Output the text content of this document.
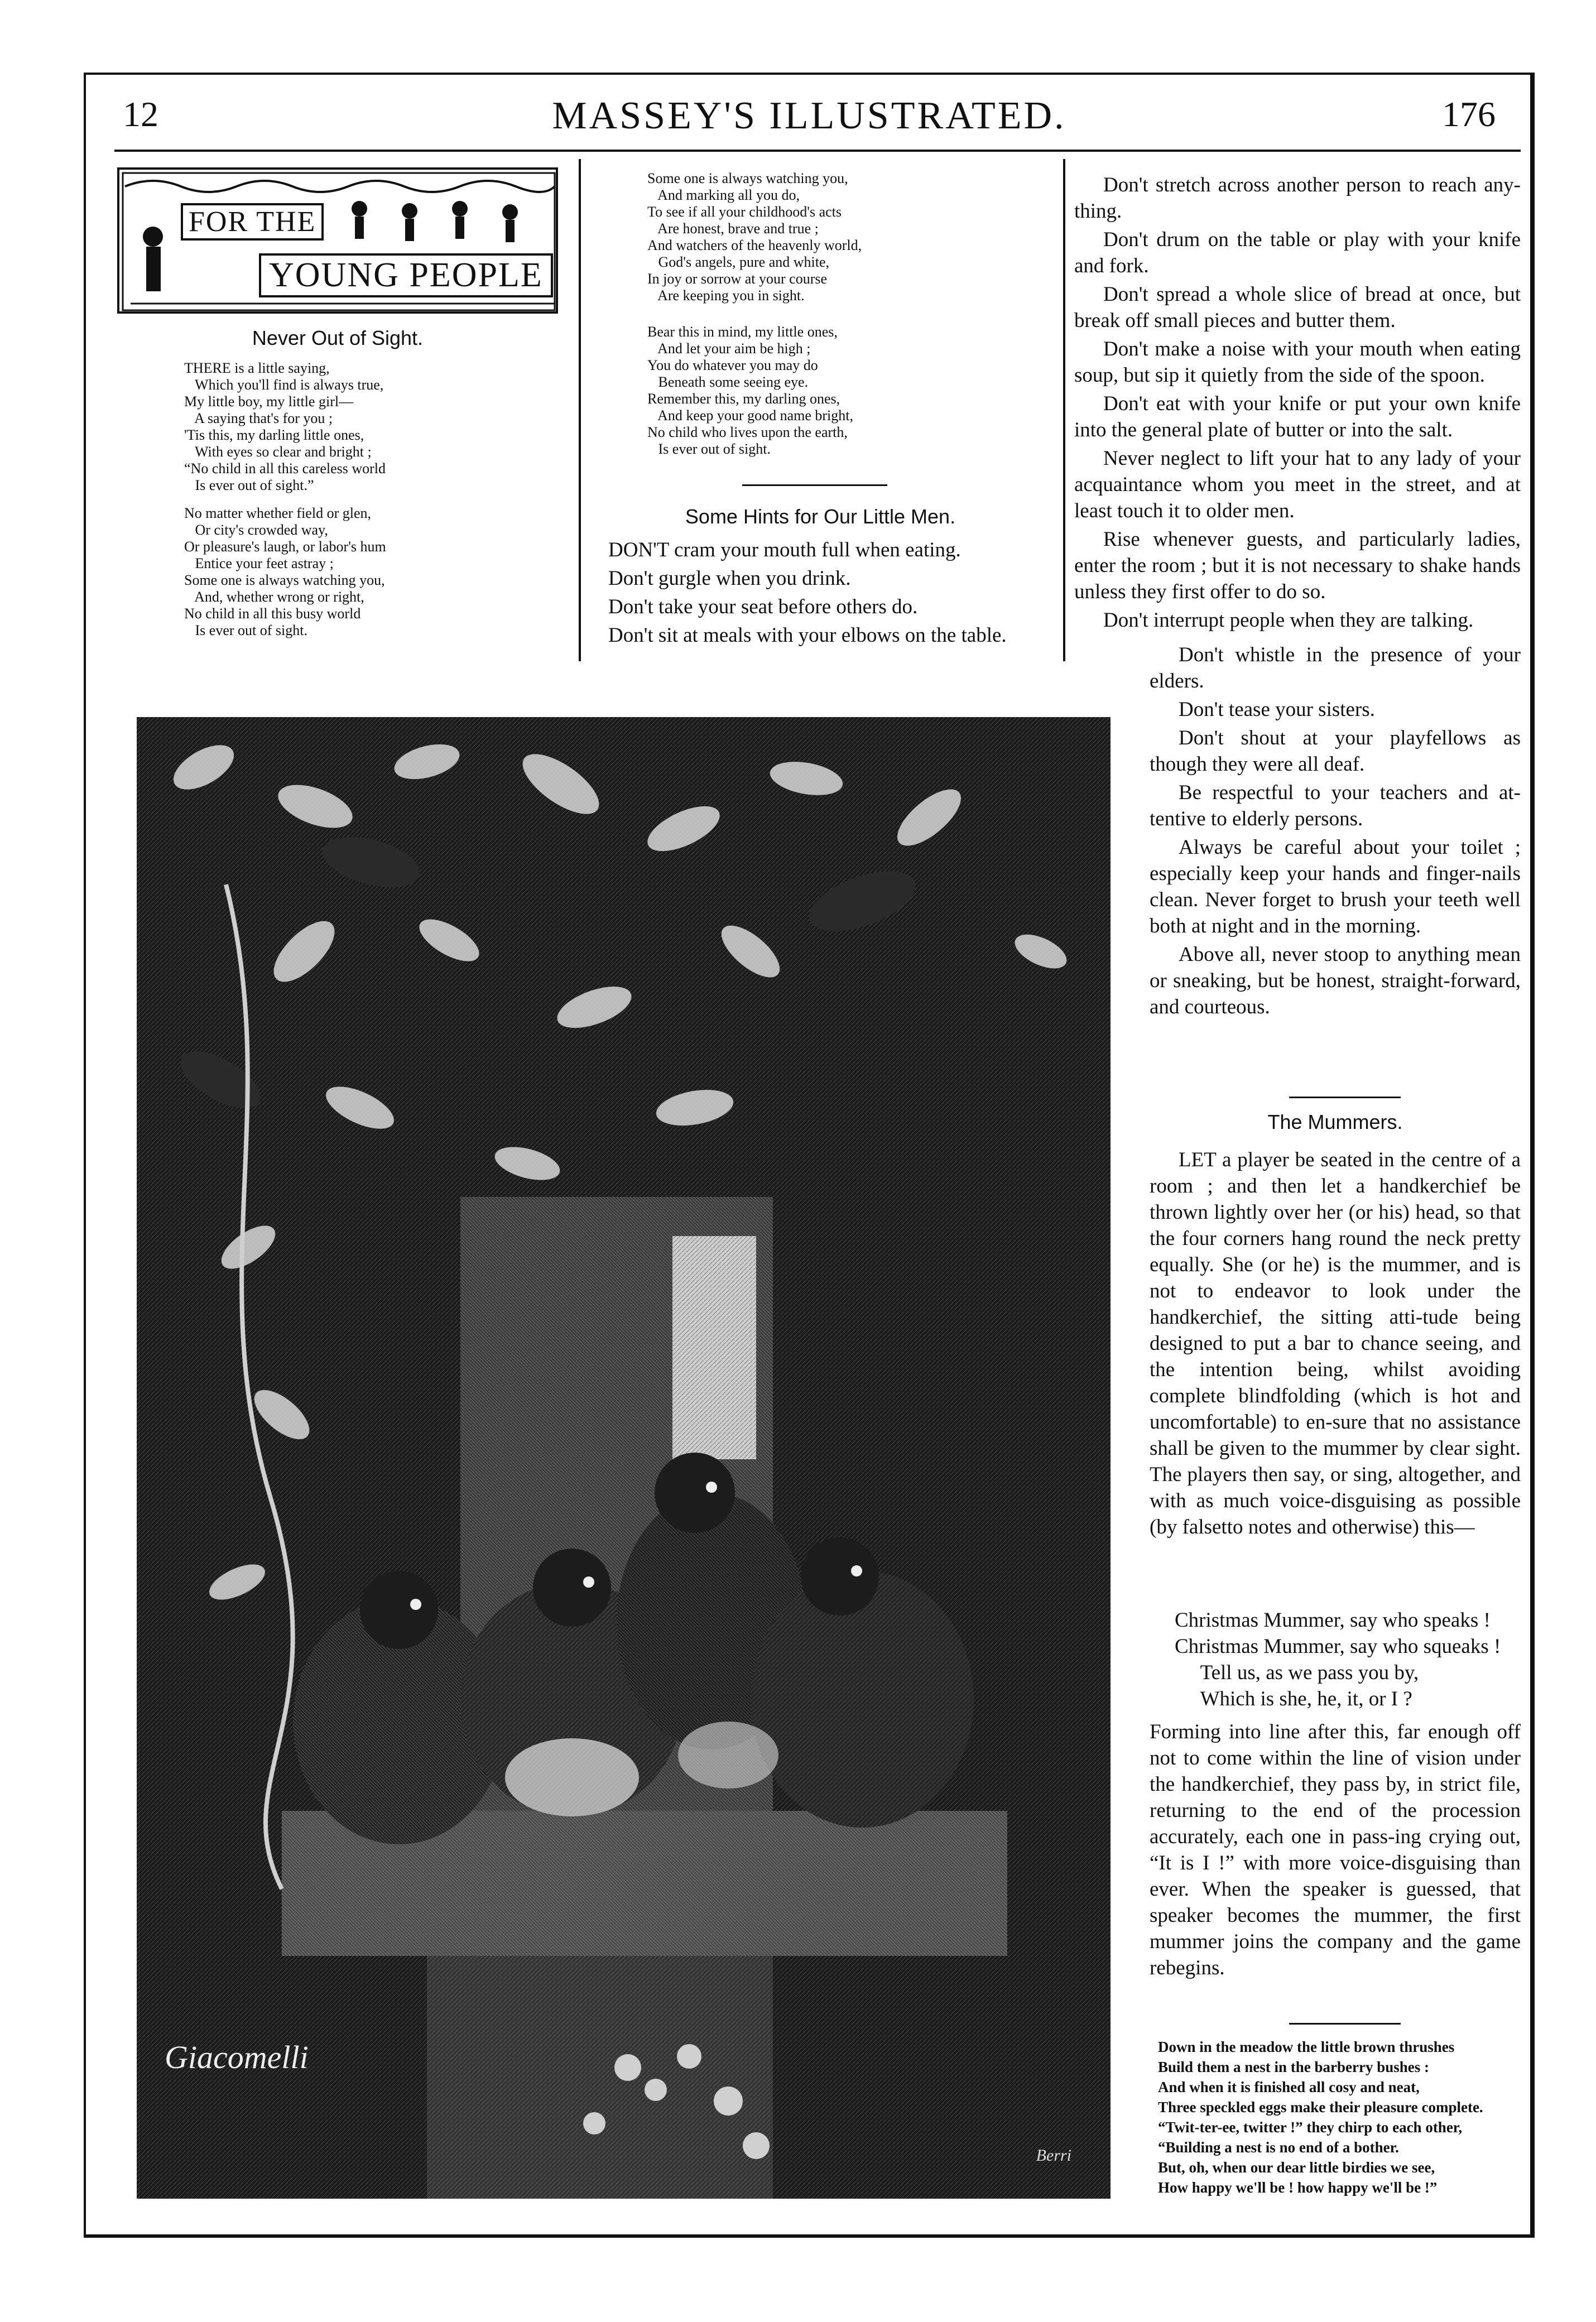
12	MASSEY'S ILLUSTRATED.	176
FOR THE
YOUNG PEOPLE
Never Out of Sight.
THERE is a little saying,
Which you'll find is always true,
My little boy, my little girl—
A saying that's for you ;
'Tis this, my darling little ones,
With eyes so clear and bright ;
“No child in all this careless world
Is ever out of sight.”
No matter whether field or glen,
Or city's crowded way,
Or pleasure's laugh, or labor's hum
Entice your feet astray ;
Some one is always watching you,
And, whether wrong or right,
No child in all this busy world
Is ever out of sight.
Some one is always watching you,
And marking all you do,
To see if all your childhood's acts
Are honest, brave and true ;
And watchers of the heavenly world,
God's angels, pure and white,
In joy or sorrow at your course
Are keeping you in sight.
Bear this in mind, my little ones,
And let your aim be high ;
You do whatever you may do
Beneath some seeing eye.
Remember this, my darling ones,
And keep your good name bright,
No child who lives upon the earth,
Is ever out of sight.
Some Hints for Our Little Men.
DON'T cram your mouth full when eating.
Don't gurgle when you drink.
Don't take your seat before others do.
Don't sit at meals with your elbows on the table.

Don't stretch across another person to reach any-thing.

Don't drum on the table or play with your knife and fork.

Don't spread a whole slice of bread at once, but break off small pieces and butter them.

Don't make a noise with your mouth when eating soup, but sip it quietly from the side of the spoon.

Don't eat with your knife or put your own knife into the general plate of butter or into the salt.

Never neglect to lift your hat to any lady of your acquaintance whom you meet in the street, and at least touch it to older men.

Rise whenever guests, and particularly ladies, enter the room ; but it is not necessary to shake hands unless they first offer to do so.

Don't interrupt people when they are talking.

Don't whistle in the presence of your elders.

Don't tease your sisters.

Don't shout at your playfellows as though they were all deaf.

Be respectful to your teachers and at-tentive to elderly persons.

Always be careful about your toilet ; especially keep your hands and finger-nails clean. Never forget to brush your teeth well both at night and in the morning.

Above all, never stoop to anything mean or sneaking, but be honest, straight-forward, and courteous.

The Mummers.

LET a player be seated in the centre of a room ; and then let a handkerchief be thrown lightly over her (or his) head, so that the four corners hang round the neck pretty equally. She (or he) is the mummer, and is not to endeavor to look under the handkerchief, the sitting atti-tude being designed to put a bar to chance seeing, and the intention being, whilst avoiding complete blindfolding (which is hot and uncomfortable) to en-sure that no assistance shall be given to the mummer by clear sight. The players then say, or sing, altogether, and with as much voice-disguising as possible (by falsetto notes and otherwise) this—

Christmas Mummer, say who speaks !
Christmas Mummer, say who squeaks !
Tell us, as we pass you by,
Which is she, he, it, or I ?

Forming into line after this, far enough off not to come within the line of vision under the handkerchief, they pass by, in strict file, returning to the end of the procession accurately, each one in pass-ing crying out, “It is I !” with more voice-disguising than ever. When the speaker is guessed, that speaker becomes the mummer, the first mummer joins the company and the game rebegins.

Down in the meadow the little brown thrushes
Build them a nest in the barberry bushes :
And when it is finished all cosy and neat,
Three speckled eggs make their pleasure complete.
“Twit-ter-ee, twitter !” they chirp to each other,
“Building a nest is no end of a bother.
But, oh, when our dear little birdies we see,
How happy we'll be ! how happy we'll be !”
Giacomelli
Berri
